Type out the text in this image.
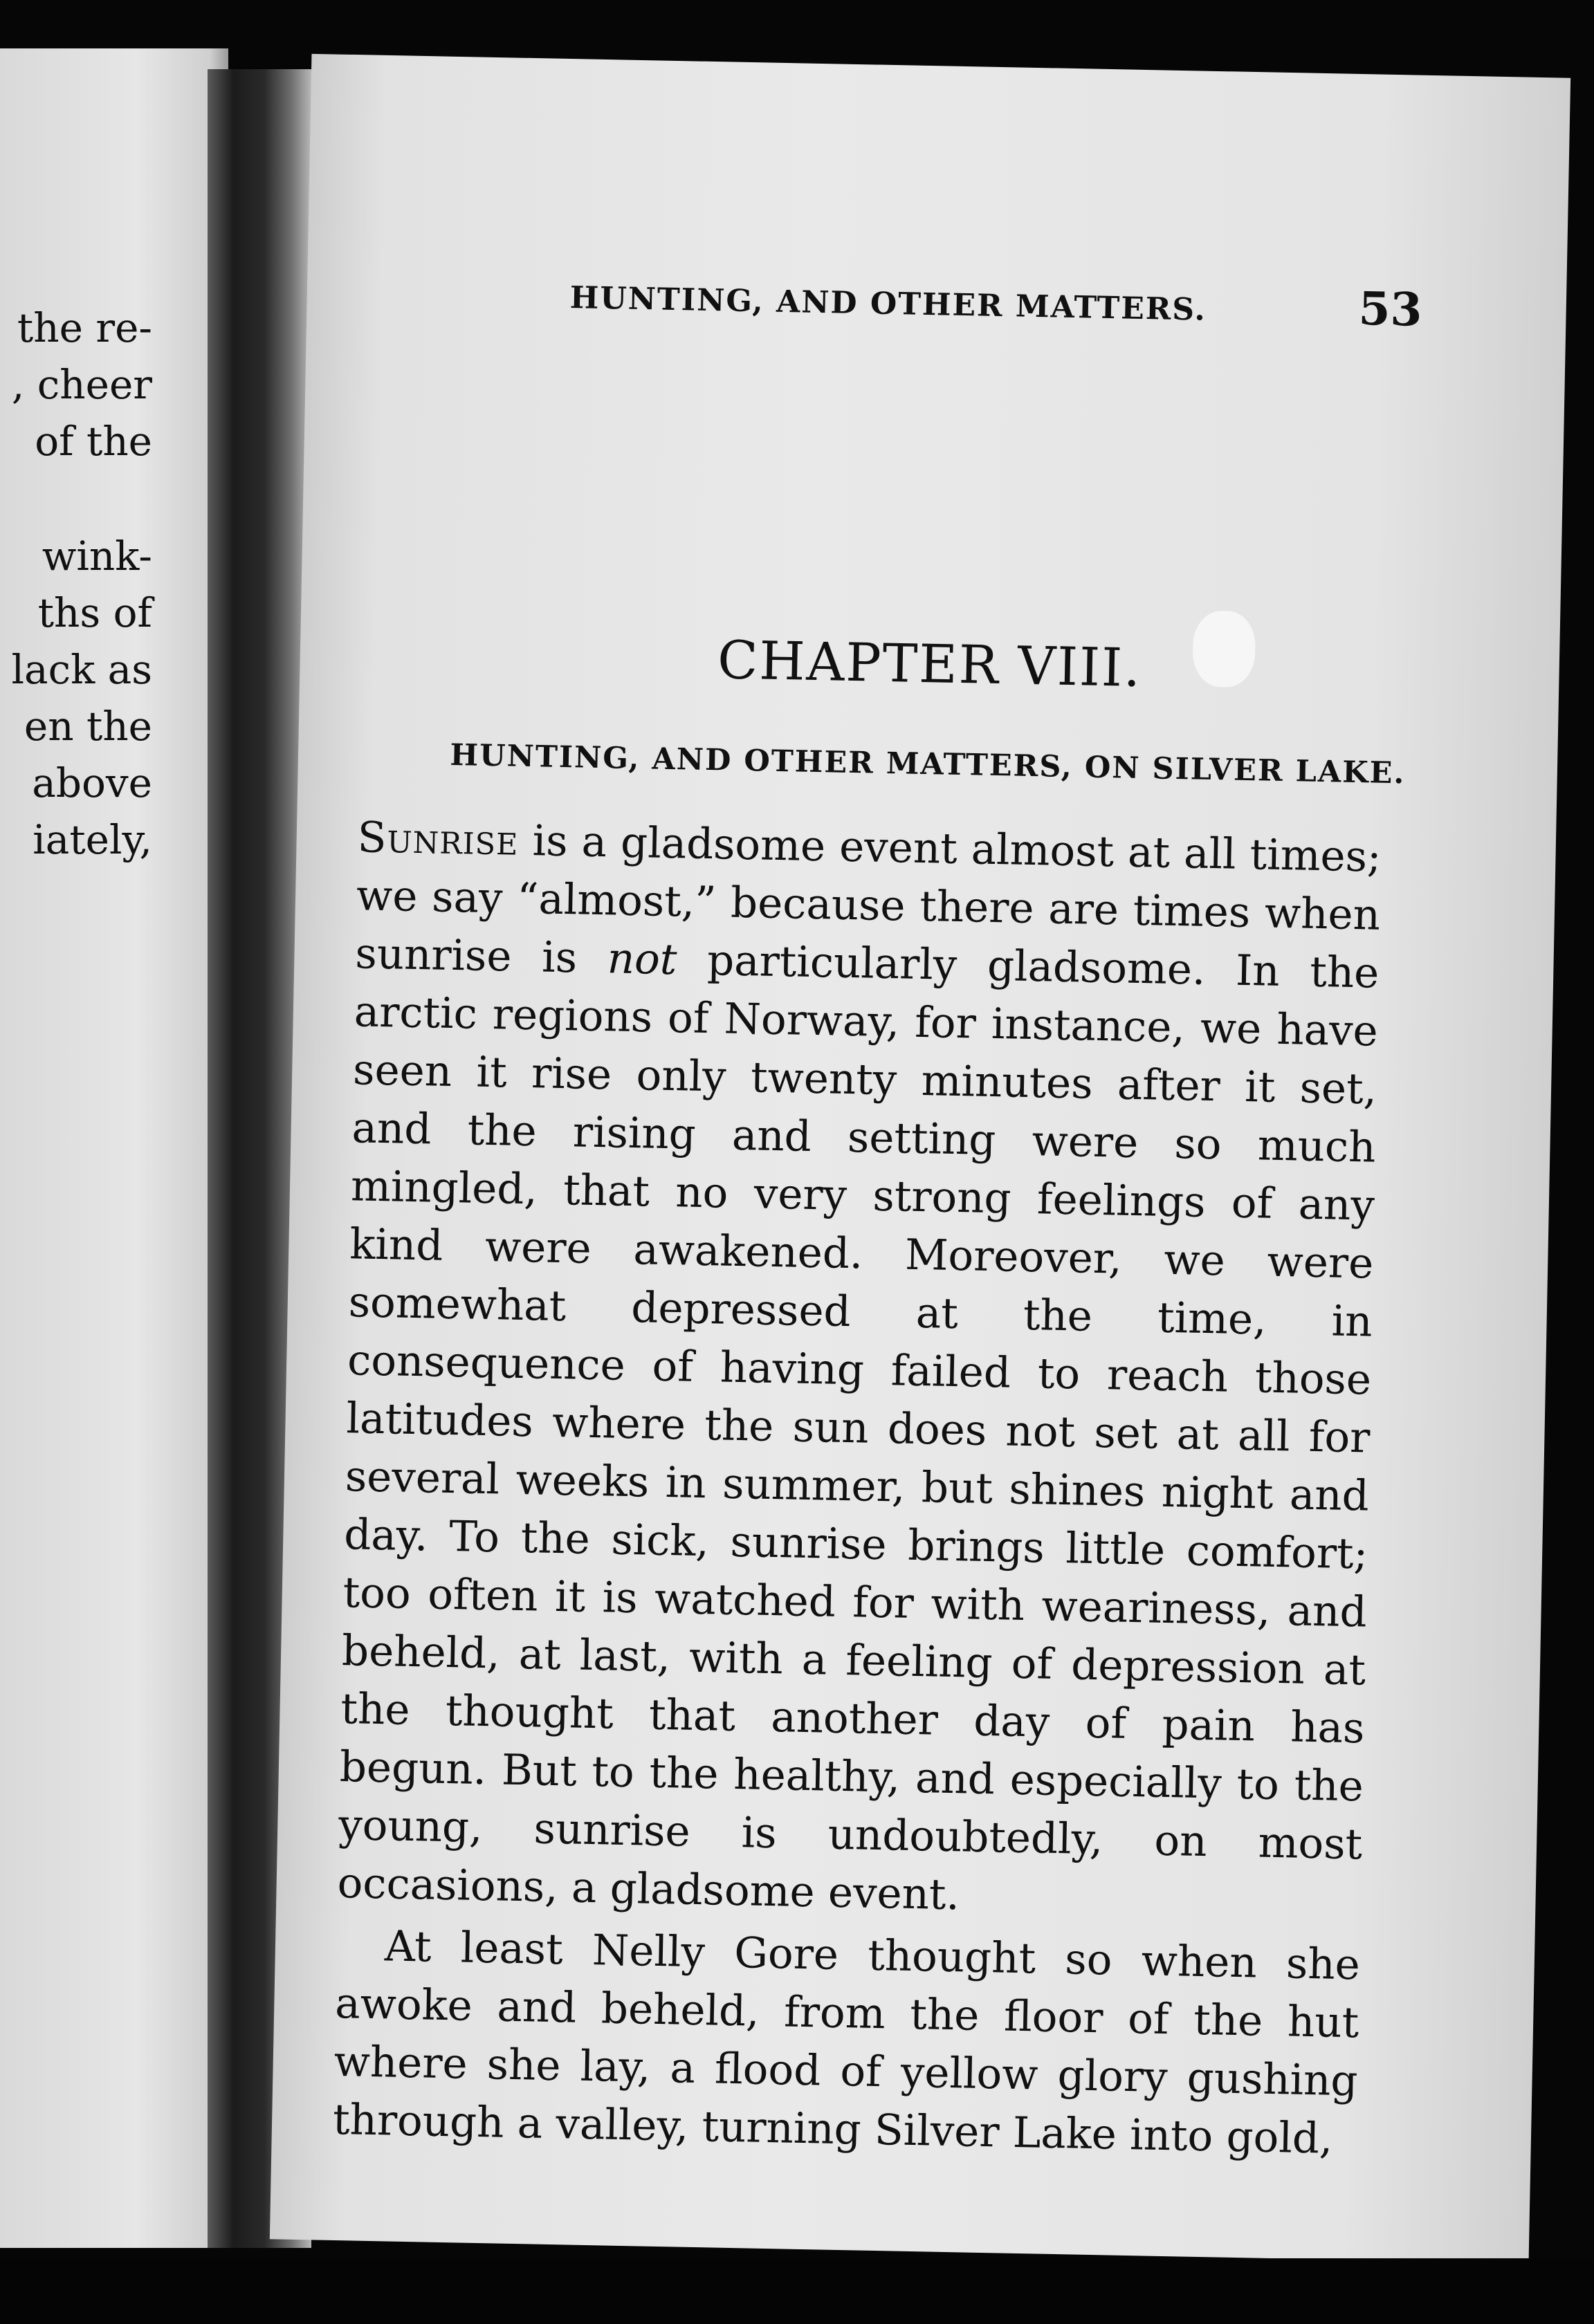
the re-
, cheer
of the
wink-
ths of
lack as
en the
above
iately,
HUNTING, AND OTHER MATTERS.	53
CHAPTER VIII.
HUNTING, AND OTHER MATTERS, ON SILVER LAKE.

Sunrise is a gladsome event almost at all times; we say “almost,” because there are times when sunrise is not particularly gladsome. In the arctic regions of Norway, for instance, we have seen it rise only twenty minutes after it set, and the rising and setting were so much mingled, that no very strong feelings of any kind were awakened. Moreover, we were somewhat depressed at the time, in consequence of having failed to reach those latitudes where the sun does not set at all for several weeks in summer, but shines night and day. To the sick, sunrise brings little comfort; too often it is watched for with weariness, and beheld, at last, with a feeling of depression at the thought that another day of pain has begun. But to the healthy, and especially to the young, sunrise is undoubtedly, on most occasions, a gladsome event.

At least Nelly Gore thought so when she awoke and beheld, from the floor of the hut where she lay, a flood of yellow glory gushing through a valley, turning Silver Lake into gold,
